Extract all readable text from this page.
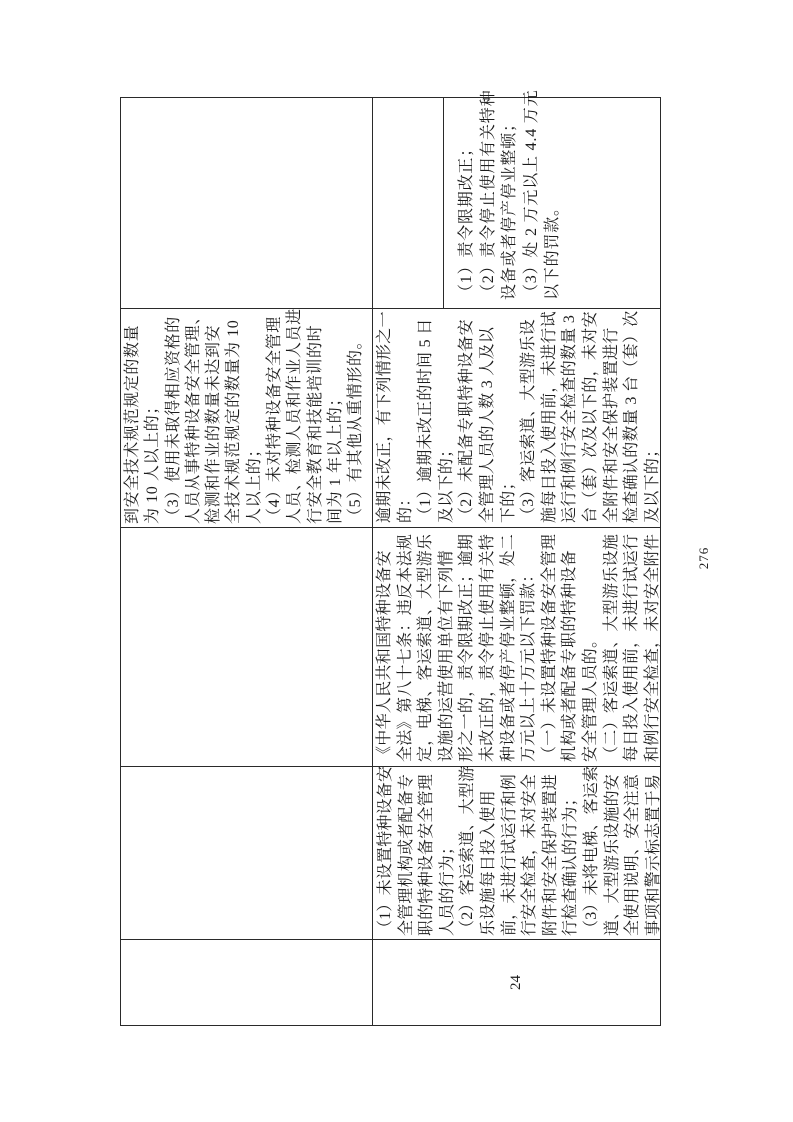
（1）责令限期改正； （2）责令停止使用有关特种 设备或者停产停业整顿； （3）处 2 万元以上 4.4 万元 以下的罚款。
到安全技术规范规定的数量 为 10 人以上的； （3）使用未取得相应资格的 人员从事特种设备安全管理、 检测和作业的数量未达到安 全技术规范规定的数量为 10 人以上的； （4）未对特种设备安全管理 人员、检测人员和作业人员进 行安全教育和技能培训的时 间为 1 年以上的； （5）有其他从重情形的。 逾期未改正，有下列情形之一 的： （1）逾期未改正的时间 5 日 及以下的； （2）未配备专职特种设备安 全管理人员的人数 3 人及以 下的； （3）客运索道、大型游乐设 施每日投入使用前，未进行试 运行和例行安全检查的数量 3 台（套）次及以下的，未对安 全附件和安全保护装置进行 检查确认的数量 3 台（套）次 及以下的；
《中华人民共和国特种设备安 全法》第八十七条：违反本法规 定，电梯、客运索道、大型游乐 设施的运营使用单位有下列情 形之一的，责令限期改正；逾期 未改正的，责令停止使用有关特 种设备或者停产停业整顿，处二 万元以上十万元以下罚款： （一）未设置特种设备安全管理 机构或者配备专职的特种设备 安全管理人员的。 （二）客运索道、大型游乐设施 每日投入使用前，未进行试运行 和例行安全检查，未对安全附件
（1）未设置特种设备安 全管理机构或者配备专 职的特种设备安全管理 人员的行为； （2）客运索道、大型游 乐设施每日投入使用 前，未进行试运行和例 行安全检查，未对安全 附件和安全保护装置进 行检查确认的行为； （3）未将电梯、客运索 道、大型游乐设施的安 全使用说明、安全注意 事项和警示标志置于易
24
276
